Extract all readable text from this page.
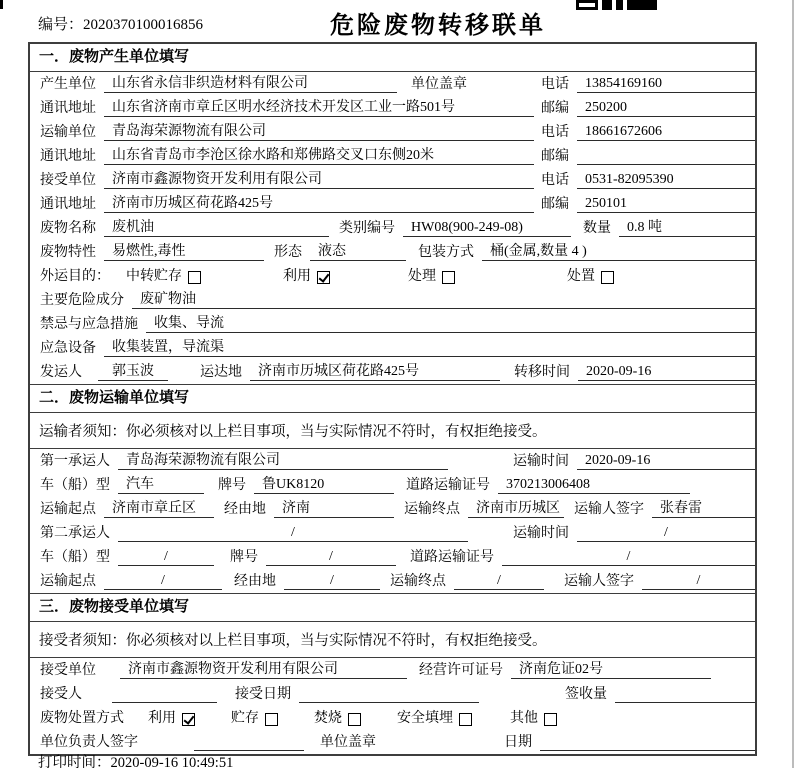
编号：2020370100016856	危险废物转移联单
一．废物产生单位填写
产生单位	山东省永信非织造材料有限公司	单位盖章	电话	13854169160
通讯地址	山东省济南市章丘区明水经济技术开发区工业一路501号	邮编	250200
运输单位	青岛海荣源物流有限公司	电话	18661672606
通讯地址	山东省青岛市李沧区徐水路和郑佛路交叉口东侧20米	邮编
接受单位	济南市鑫源物资开发利用有限公司	电话	0531-82095390
通讯地址	济南市历城区荷花路425号	邮编	250101
废物名称	废机油	类别编号	HW08(900-249-08)	数量	0.8 吨
废物特性	易燃性,毒性	形态	液态	包装方式	桶(金属,数量 4 )
外运目的： 中转贮存	利用	处理	处置
主要危险成分	废矿物油
禁忌与应急措施	收集、导流
应急设备	收集装置，导流渠
发运人	郭玉波	运达地	济南市历城区荷花路425号	转移时间	2020-09-16
二．废物运输单位填写
运输者须知：你必须核对以上栏目事项，当与实际情况不符时，有权拒绝接受。
第一承运人	青岛海荣源物流有限公司	运输时间	2020-09-16
车（船）型	汽车	牌号	鲁UK8120	道路运输证号	370213006408
运输起点	济南市章丘区	经由地	济南	运输终点	济南市历城区 运输人签字	张春雷
第二承运人	/	运输时间	/
车（船）型	/	牌号	/	道路运输证号	/
运输起点	/	经由地	/	运输终点	/	运输人签字	/
三．废物接受单位填写
接受者须知：你必须核对以上栏目事项，当与实际情况不符时，有权拒绝接受。
接受单位	济南市鑫源物资开发利用有限公司	经营许可证号	济南危证02号
接受人	接受日期	签收量
废物处置方式 利用	贮存	焚烧	安全填埋	其他
单位负责人签字	单位盖章	日期
打印时间：2020-09-16 10:49:51
